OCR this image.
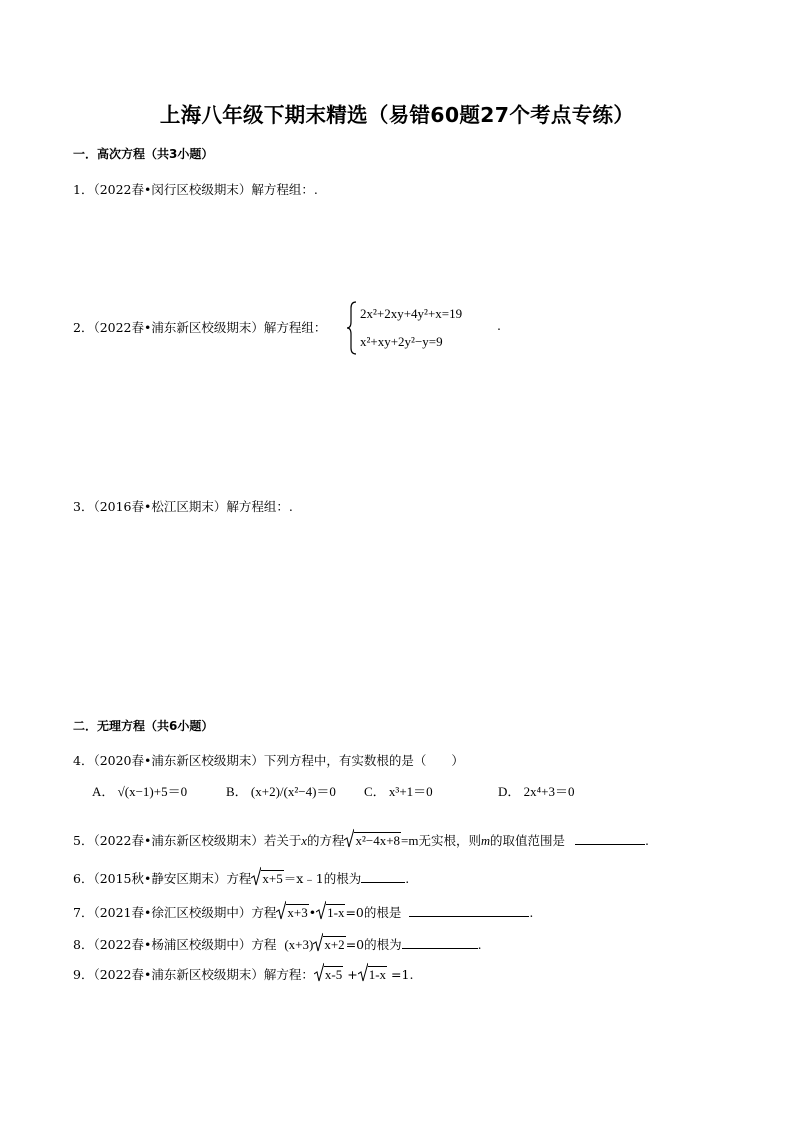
上海八年级下期末精选（易错60题27个考点专练）
一．高次方程（共3小题）
1．（2022春•闵行区校级期末）解方程组：.
2．（2022春•浦东新区校级期末）解方程组：
2x²+2xy+4y²+x=19
x²+xy+2y²−y=9
.
3．（2016春•松江区期末）解方程组：.
二．无理方程（共6小题）
4．（2020春•浦东新区校级期末）下列方程中，有实数根的是（　　）
A． √(x−1)+5＝0	B． (x+2)/(x²−4)＝0 C． x³+1＝0	D． 2x⁴+3＝0
5．（2022春•浦东新区校级期末）若关于x的方程 x²−4x+8 =m无实根，则m的取值范围是	.
6．（2015秋•静安区期末）方程 x+5 ＝x﹣1的根为	.
7．（2021春•徐汇区校级期中）方程 x+3 • 1-x =0的根是	.
8．（2022春•杨浦区校级期中）方程 (x+3) x+2 =0的根为	.
9．（2022春•浦东新区校级期末）解方程： x-5 + 1-x =1.
